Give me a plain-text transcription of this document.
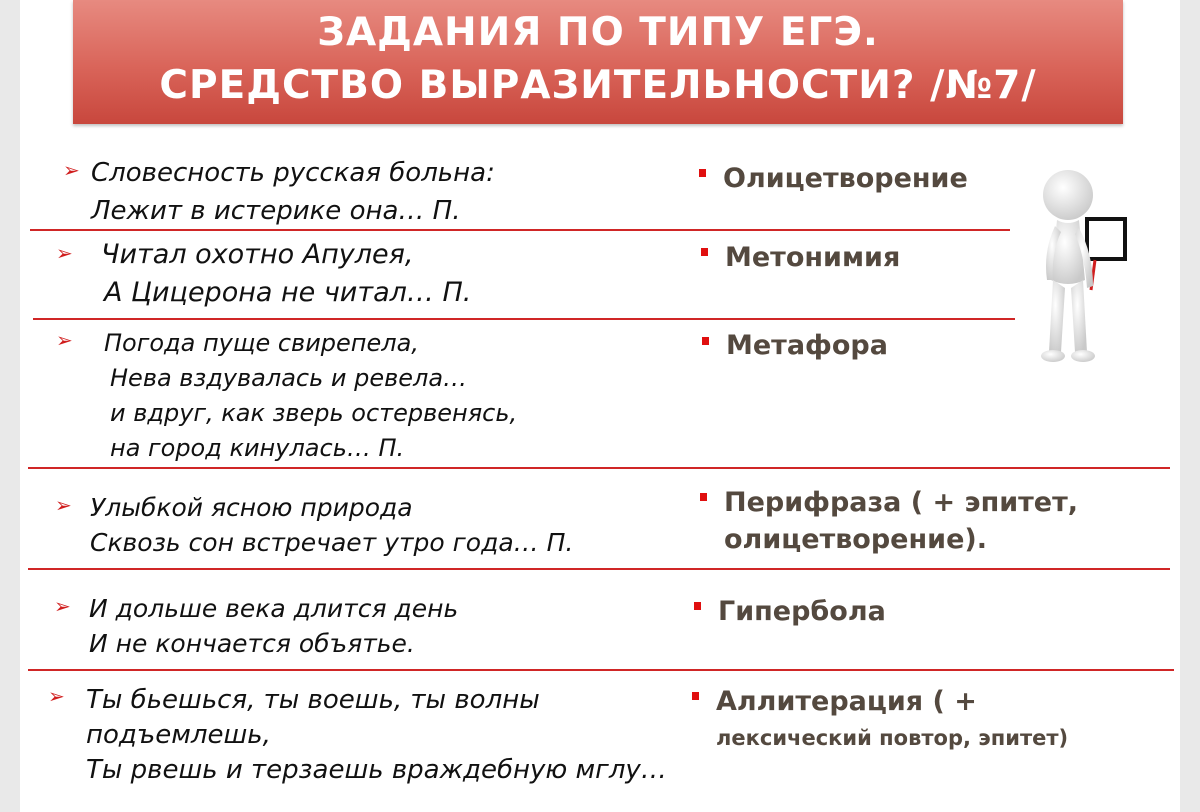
ЗАДАНИЯ ПО ТИПУ ЕГЭ.
СРЕДСТВО ВЫРАЗИТЕЛЬНОСТИ? /№7/
➢ Словесность русская больна:
Лежит в истерике она… П.
Олицетворение
➢ Читал охотно Апулея,
А Цицерона не читал… П.
Метонимия
➢ Погода пуще свирепела,
Нева вздувалась и ревела…
и вдруг, как зверь остервенясь,
на город кинулась… П.
Метафора
➢ Улыбкой ясною природа
Сквозь сон встречает утро года… П.
Перифраза ( + эпитет,
олицетворение).
➢ И дольше века длится день
И не кончается объятье.
Гипербола
➢ Ты бьешься, ты воешь, ты волны
подъемлешь,
Ты рвешь и терзаешь враждебную мглу…
Аллитерация ( +
лексический повтор, эпитет)
